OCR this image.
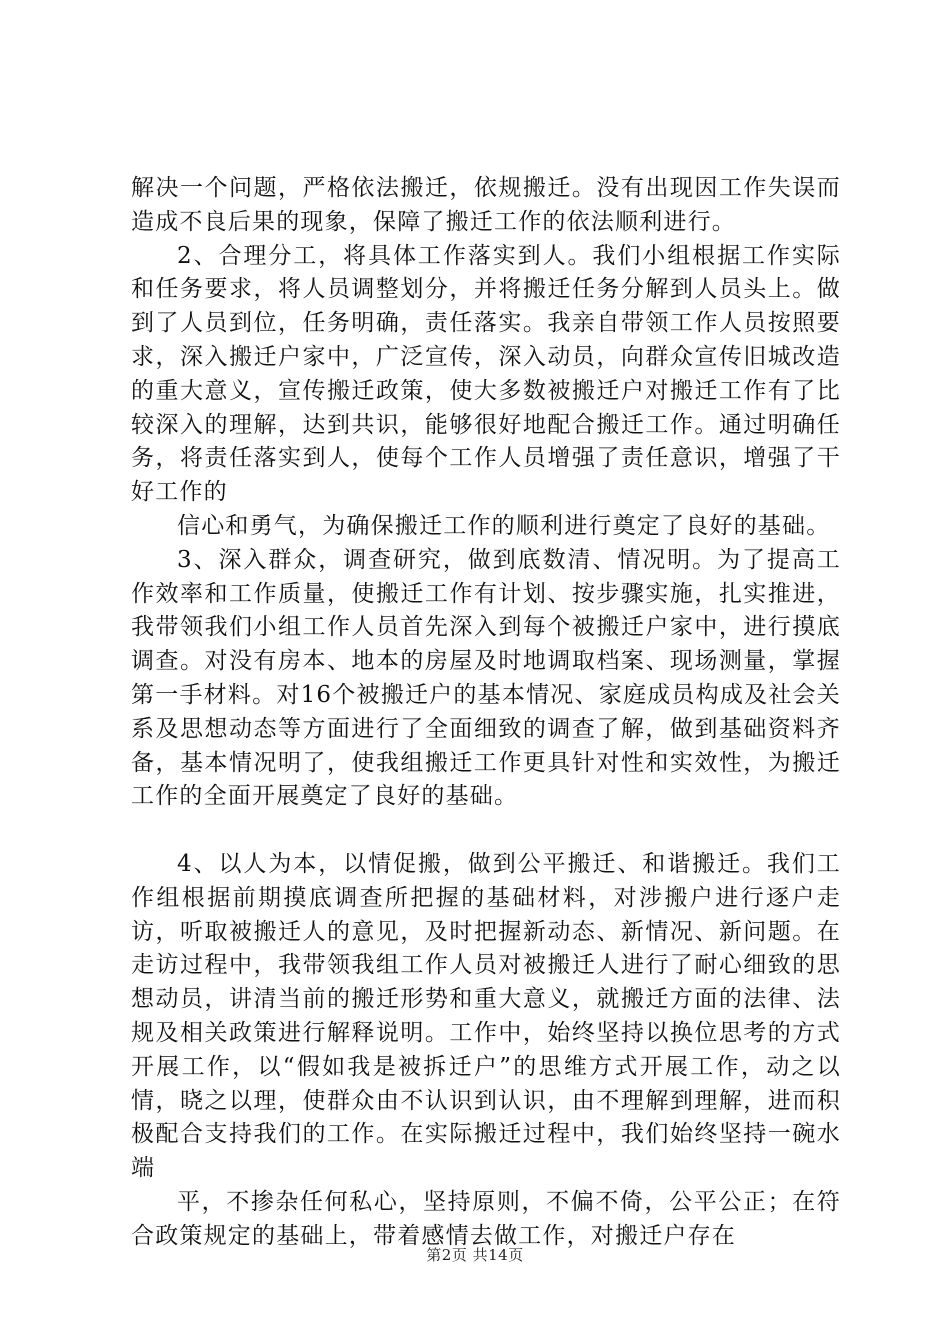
解决一个问题，严格依法搬迁，依规搬迁。没有出现因工作失误而造成不良后果的现象，保障了搬迁工作的依法顺利进行。

2、合理分工，将具体工作落实到人。我们小组根据工作实际和任务要求，将人员调整划分，并将搬迁任务分解到人员头上。做到了人员到位，任务明确，责任落实。我亲自带领工作人员按照要求，深入搬迁户家中，广泛宣传，深入动员，向群众宣传旧城改造的重大意义，宣传搬迁政策，使大多数被搬迁户对搬迁工作有了比较深入的理解，达到共识，能够很好地配合搬迁工作。通过明确任务，将责任落实到人，使每个工作人员增强了责任意识，增强了干好工作的

信心和勇气，为确保搬迁工作的顺利进行奠定了良好的基础。

3、深入群众，调查研究，做到底数清、情况明。为了提高工作效率和工作质量，使搬迁工作有计划、按步骤实施，扎实推进，我带领我们小组工作人员首先深入到每个被搬迁户家中，进行摸底调查。对没有房本、地本的房屋及时地调取档案、现场测量，掌握第一手材料。对16个被搬迁户的基本情况、家庭成员构成及社会关系及思想动态等方面进行了全面细致的调查了解，做到基础资料齐备，基本情况明了，使我组搬迁工作更具针对性和实效性，为搬迁工作的全面开展奠定了良好的基础。

4、以人为本，以情促搬，做到公平搬迁、和谐搬迁。我们工作组根据前期摸底调查所把握的基础材料，对涉搬户进行逐户走访，听取被搬迁人的意见，及时把握新动态、新情况、新问题。在走访过程中，我带领我组工作人员对被搬迁人进行了耐心细致的思想动员，讲清当前的搬迁形势和重大意义，就搬迁方面的法律、法规及相关政策进行解释说明。工作中，始终坚持以换位思考的方式开展工作，以“假如我是被拆迁户”的思维方式开展工作，动之以情，晓之以理，使群众由不认识到认识，由不理解到理解，进而积极配合支持我们的工作。在实际搬迁过程中，我们始终坚持一碗水端

平，不掺杂任何私心，坚持原则，不偏不倚，公平公正；在符合政策规定的基础上，带着感情去做工作，对搬迁户存在

第2页 共14页
